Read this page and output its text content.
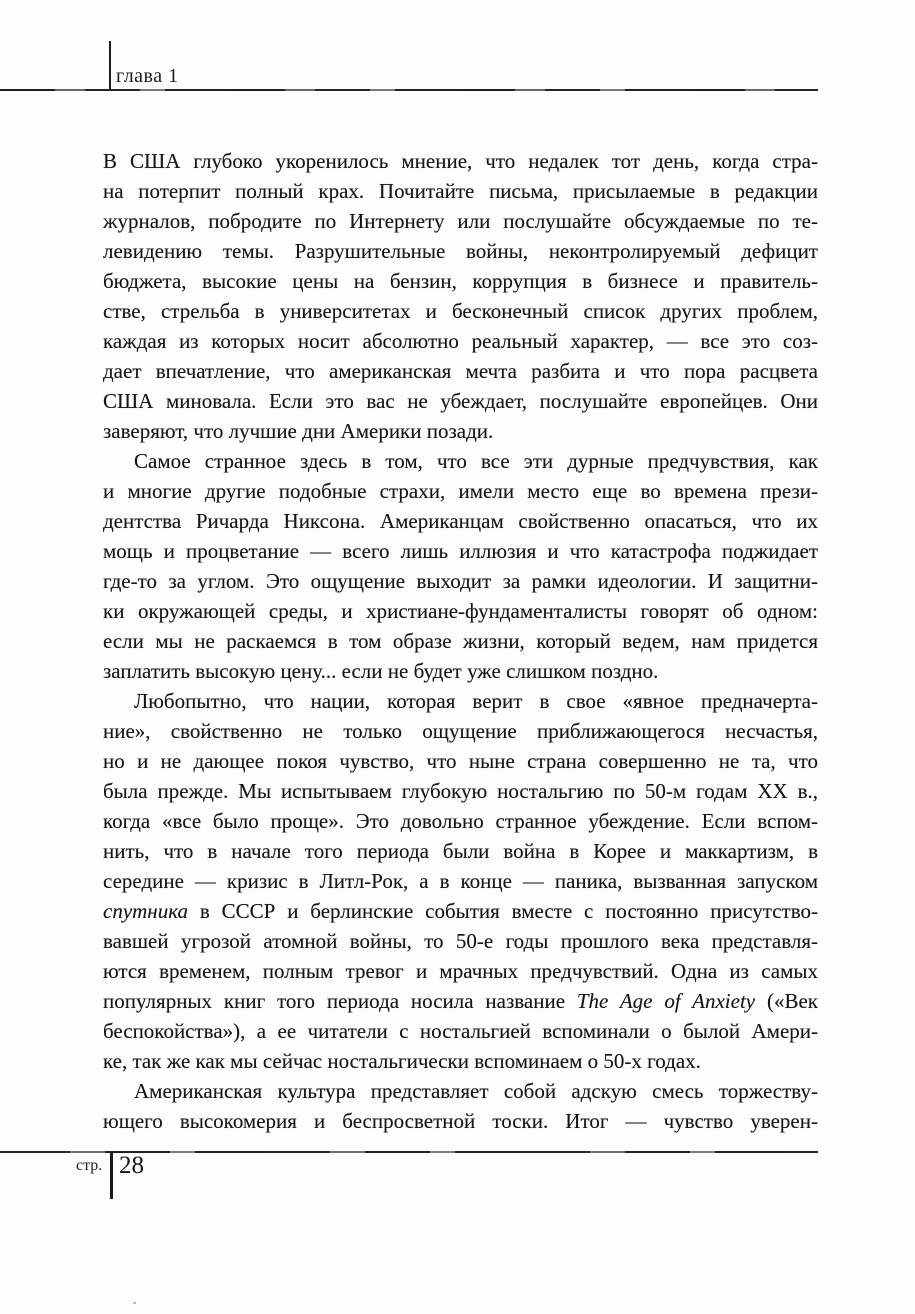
глава 1
В США глубоко укоренилось мнение, что недалек тот день, когда стра-
на потерпит полный крах. Почитайте письма, присылаемые в редакции
журналов, побродите по Интернету или послушайте обсуждаемые по те-
левидению темы. Разрушительные войны, неконтролируемый дефицит
бюджета, высокие цены на бензин, коррупция в бизнесе и правитель-
стве, стрельба в университетах и бесконечный список других проблем,
каждая из которых носит абсолютно реальный характер, — все это соз-
дает впечатление, что американская мечта разбита и что пора расцвета
США миновала. Если это вас не убеждает, послушайте европейцев. Они
заверяют, что лучшие дни Америки позади.
Самое странное здесь в том, что все эти дурные предчувствия, как
и многие другие подобные страхи, имели место еще во времена прези-
дентства Ричарда Никсона. Американцам свойственно опасаться, что их
мощь и процветание — всего лишь иллюзия и что катастрофа поджидает
где-то за углом. Это ощущение выходит за рамки идеологии. И защитни-
ки окружающей среды, и христиане-фундаменталисты говорят об одном:
если мы не раскаемся в том образе жизни, который ведем, нам придется
заплатить высокую цену... если не будет уже слишком поздно.
Любопытно, что нации, которая верит в свое «явное предначерта-
ние», свойственно не только ощущение приближающегося несчастья,
но и не дающее покоя чувство, что ныне страна совершенно не та, что
была прежде. Мы испытываем глубокую ностальгию по 50-м годам XX в.,
когда «все было проще». Это довольно странное убеждение. Если вспом-
нить, что в начале того периода были война в Корее и маккартизм, в
середине — кризис в Литл-Рок, а в конце — паника, вызванная запуском
спутника в СССР и берлинские события вместе с постоянно присутство-
вавшей угрозой атомной войны, то 50-е годы прошлого века представля-
ются временем, полным тревог и мрачных предчувствий. Одна из самых
популярных книг того периода носила название The Age of Anxiety («Век
беспокойства»), а ее читатели с ностальгией вспоминали о былой Амери-
ке, так же как мы сейчас ностальгически вспоминаем о 50-х годах.
Американская культура представляет собой адскую смесь торжеству-
ющего высокомерия и беспросветной тоски. Итог — чувство уверен-
стр. 28
